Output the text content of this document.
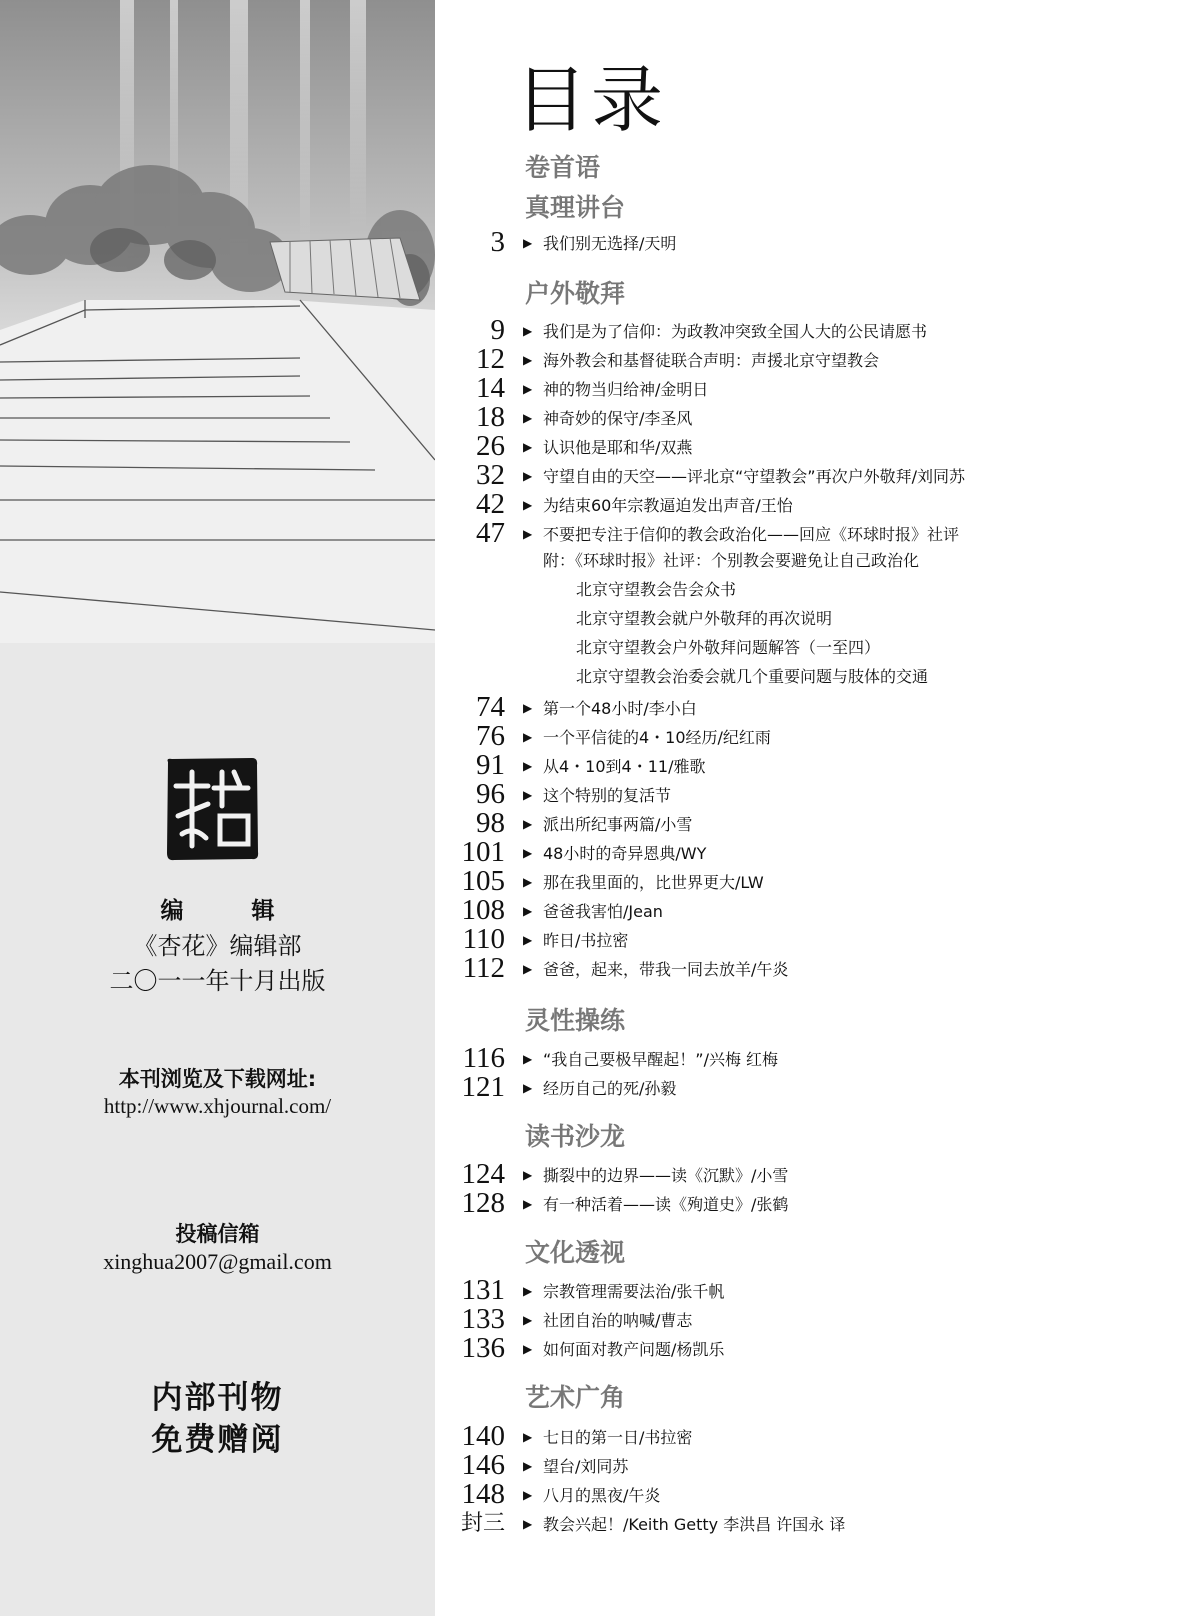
编 辑
《杏花》编辑部
二〇一一年十月出版
本刊浏览及下载网址:
http://www.xhjournal.com/
投稿信箱
xinghua2007@gmail.com
内部刊物
免费赠阅
目录
卷首语
真理讲台
3 ▶ 我们别无选择/天明
户外敬拜
9 ▶ 我们是为了信仰：为政教冲突致全国人大的公民请愿书
12 ▶ 海外教会和基督徒联合声明：声援北京守望教会
14 ▶ 神的物当归给神/金明日
18 ▶ 神奇妙的保守/李圣风
26 ▶ 认识他是耶和华/双燕
32 ▶ 守望自由的天空——评北京“守望教会”再次户外敬拜/刘同苏
42 ▶ 为结束60年宗教逼迫发出声音/王怡
47 ▶ 不要把专注于信仰的教会政治化——回应《环球时报》社评
附：《环球时报》社评：个别教会要避免让自己政治化
北京守望教会告会众书
北京守望教会就户外敬拜的再次说明
北京守望教会户外敬拜问题解答（一至四）
北京守望教会治委会就几个重要问题与肢体的交通
74 ▶ 第一个48小时/李小白
76 ▶ 一个平信徒的4・10经历/纪红雨
91 ▶ 从4・10到4・11/雅歌
96 ▶ 这个特别的复活节
98 ▶ 派出所纪事两篇/小雪
101 ▶ 48小时的奇异恩典/WY
105 ▶ 那在我里面的，比世界更大/LW
108 ▶ 爸爸我害怕/Jean
110 ▶ 昨日/书拉密
112 ▶ 爸爸，起来，带我一同去放羊/午炎
灵性操练
116 ▶ “我自己要极早醒起！”/兴梅 红梅
121 ▶ 经历自己的死/孙毅
读书沙龙
124 ▶ 撕裂中的边界——读《沉默》/小雪
128 ▶ 有一种活着——读《殉道史》/张鹤
文化透视
131 ▶ 宗教管理需要法治/张千帆
133 ▶ 社团自治的呐喊/曹志
136 ▶ 如何面对教产问题/杨凯乐
艺术广角
140 ▶ 七日的第一日/书拉密
146 ▶ 望台/刘同苏
148 ▶ 八月的黑夜/午炎
封三 ▶ 教会兴起！/Keith Getty 李洪昌 许国永 译
